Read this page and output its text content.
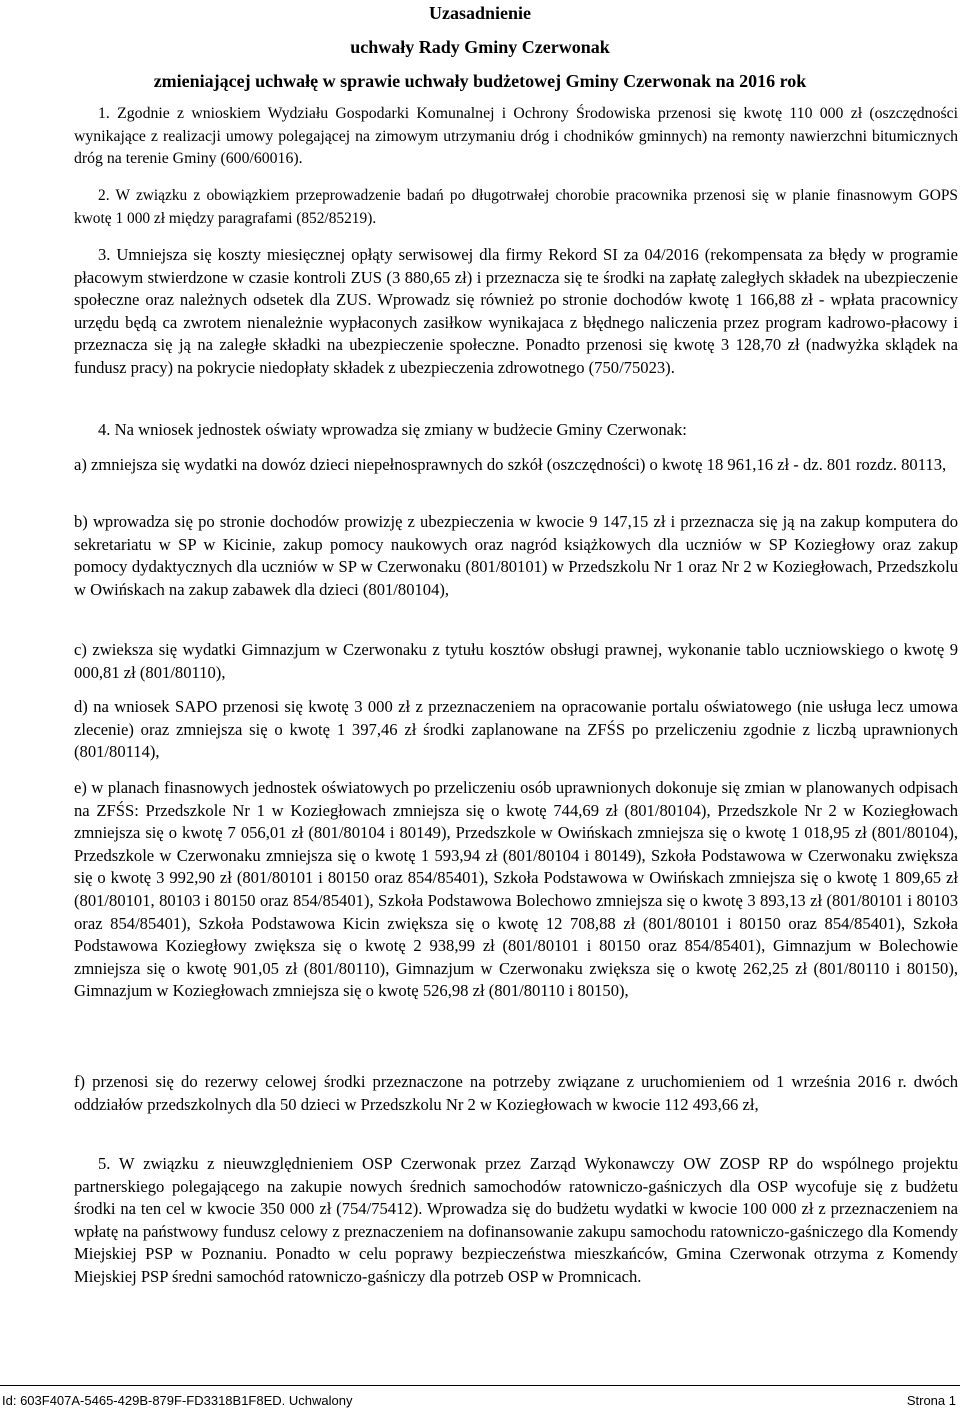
Uzasadnienie

uchwały Rady Gminy Czerwonak

zmieniającej uchwałę w sprawie uchwały budżetowej Gminy Czerwonak na 2016 rok

1. Zgodnie z wnioskiem Wydziału Gospodarki Komunalnej i Ochrony Środowiska przenosi się kwotę 110 000 zł (oszczędności wynikające z realizacji umowy polegającej na zimowym utrzymaniu dróg i chodników gminnych) na remonty nawierzchni bitumicznych dróg na terenie Gminy (600/60016).

2. W związku z obowiązkiem przeprowadzenie badań po długotrwałej chorobie pracownika przenosi się w planie finasnowym GOPS kwotę 1 000 zł między paragrafami (852/85219).

3. Umniejsza się koszty miesięcznej opłąty serwisowej dla firmy Rekord SI za 04/2016 (rekompensata za błędy w programie płacowym stwierdzone w czasie kontroli ZUS (3 880,65 zł) i przeznacza się te środki na zapłatę zaległych składek na ubezpieczenie społeczne oraz należnych odsetek dla ZUS. Wprowadz się również po stronie dochodów kwotę 1 166,88 zł - wpłata pracownicy urzędu będą ca zwrotem nienależnie wypłaconych zasiłkow wynikajaca z błędnego naliczenia przez program kadrowo-płacowy i przeznacza się ją na zaległe składki na ubezpieczenie społeczne. Ponadto przenosi się kwotę 3 128,70 zł (nadwyżka sklądek na fundusz pracy) na pokrycie niedopłaty składek z ubezpieczenia zdrowotnego (750/75023).

4. Na wniosek jednostek oświaty wprowadza się zmiany w budżecie Gminy Czerwonak:

a) zmniejsza się wydatki na dowóz dzieci niepełnosprawnych do szkół (oszczędności) o kwotę 18 961,16 zł - dz. 801 rozdz. 80113,

b) wprowadza się po stronie dochodów prowizję z ubezpieczenia w kwocie 9 147,15 zł i przeznacza się ją na zakup komputera do sekretariatu w SP w Kicinie, zakup pomocy naukowych oraz nagród książkowych dla uczniów w SP Koziegłowy oraz zakup pomocy dydaktycznych dla uczniów w SP w Czerwonaku (801/80101) w Przedszkolu Nr 1 oraz Nr 2 w Koziegłowach, Przedszkolu w Owińskach na zakup zabawek dla dzieci (801/80104),

c) zwieksza się wydatki Gimnazjum w Czerwonaku z tytułu kosztów obsługi prawnej, wykonanie tablo uczniowskiego o kwotę 9 000,81 zł (801/80110),

d) na wniosek SAPO przenosi się kwotę 3 000 zł z przeznaczeniem na opracowanie portalu oświatowego (nie usługa lecz umowa zlecenie) oraz zmniejsza się o kwotę 1 397,46 zł środki zaplanowane na ZFŚS po przeliczeniu zgodnie z liczbą uprawnionych (801/80114),

e) w planach finasnowych jednostek oświatowych po przeliczeniu osób uprawnionych dokonuje się zmian w planowanych odpisach na ZFŚS: Przedszkole Nr 1 w Koziegłowach zmniejsza się o kwotę 744,69 zł (801/80104), Przedszkole Nr 2 w Koziegłowach zmniejsza się o kwotę 7 056,01 zł (801/80104 i 80149), Przedszkole w Owińskach zmniejsza się o kwotę 1 018,95 zł (801/80104), Przedszkole w Czerwonaku zmniejsza się o kwotę 1 593,94 zł (801/80104 i 80149), Szkoła Podstawowa w Czerwonaku zwiększa się o kwotę 3 992,90 zł (801/80101 i 80150 oraz 854/85401), Szkoła Podstawowa w Owińskach zmniejsza się o kwotę 1 809,65 zł (801/80101, 80103 i 80150 oraz 854/85401), Szkoła Podstawowa Bolechowo zmniejsza się o kwotę 3 893,13 zł (801/80101 i 80103 oraz 854/85401), Szkoła Podstawowa Kicin zwiększa się o kwotę 12 708,88 zł (801/80101 i 80150 oraz 854/85401), Szkoła Podstawowa Koziegłowy zwiększa się o kwotę 2 938,99 zł (801/80101 i 80150 oraz 854/85401), Gimnazjum w Bolechowie zmniejsza się o kwotę 901,05 zł (801/80110), Gimnazjum w Czerwonaku zwiększa się o kwotę 262,25 zł (801/80110 i 80150), Gimnazjum w Koziegłowach zmniejsza się o kwotę 526,98 zł (801/80110 i 80150),

f) przenosi się do rezerwy celowej środki przeznaczone na potrzeby związane z uruchomieniem od 1 września 2016 r. dwóch oddziałów przedszkolnych dla 50 dzieci w Przedszkolu Nr 2 w Koziegłowach w kwocie 112 493,66 zł,

5. W związku z nieuwzględnieniem OSP Czerwonak przez Zarząd Wykonawczy OW ZOSP RP do wspólnego projektu partnerskiego polegającego na zakupie nowych średnich samochodów ratowniczo-gaśniczych dla OSP wycofuje się z budżetu środki na ten cel w kwocie 350 000 zł (754/75412). Wprowadza się do budżetu wydatki w kwocie 100 000 zł z przeznaczeniem na wpłatę na państwowy fundusz celowy z preznaczeniem na dofinansowanie zakupu samochodu ratowniczo-gaśniczego dla Komendy Miejskiej PSP w Poznaniu. Ponadto w celu poprawy bezpieczeństwa mieszkańców, Gmina Czerwonak otrzyma z Komendy Miejskiej PSP średni samochód ratowniczo-gaśniczy dla potrzeb OSP w Promnicach.

Id: 603F407A-5465-429B-879F-FD3318B1F8ED. Uchwalony	Strona 1
